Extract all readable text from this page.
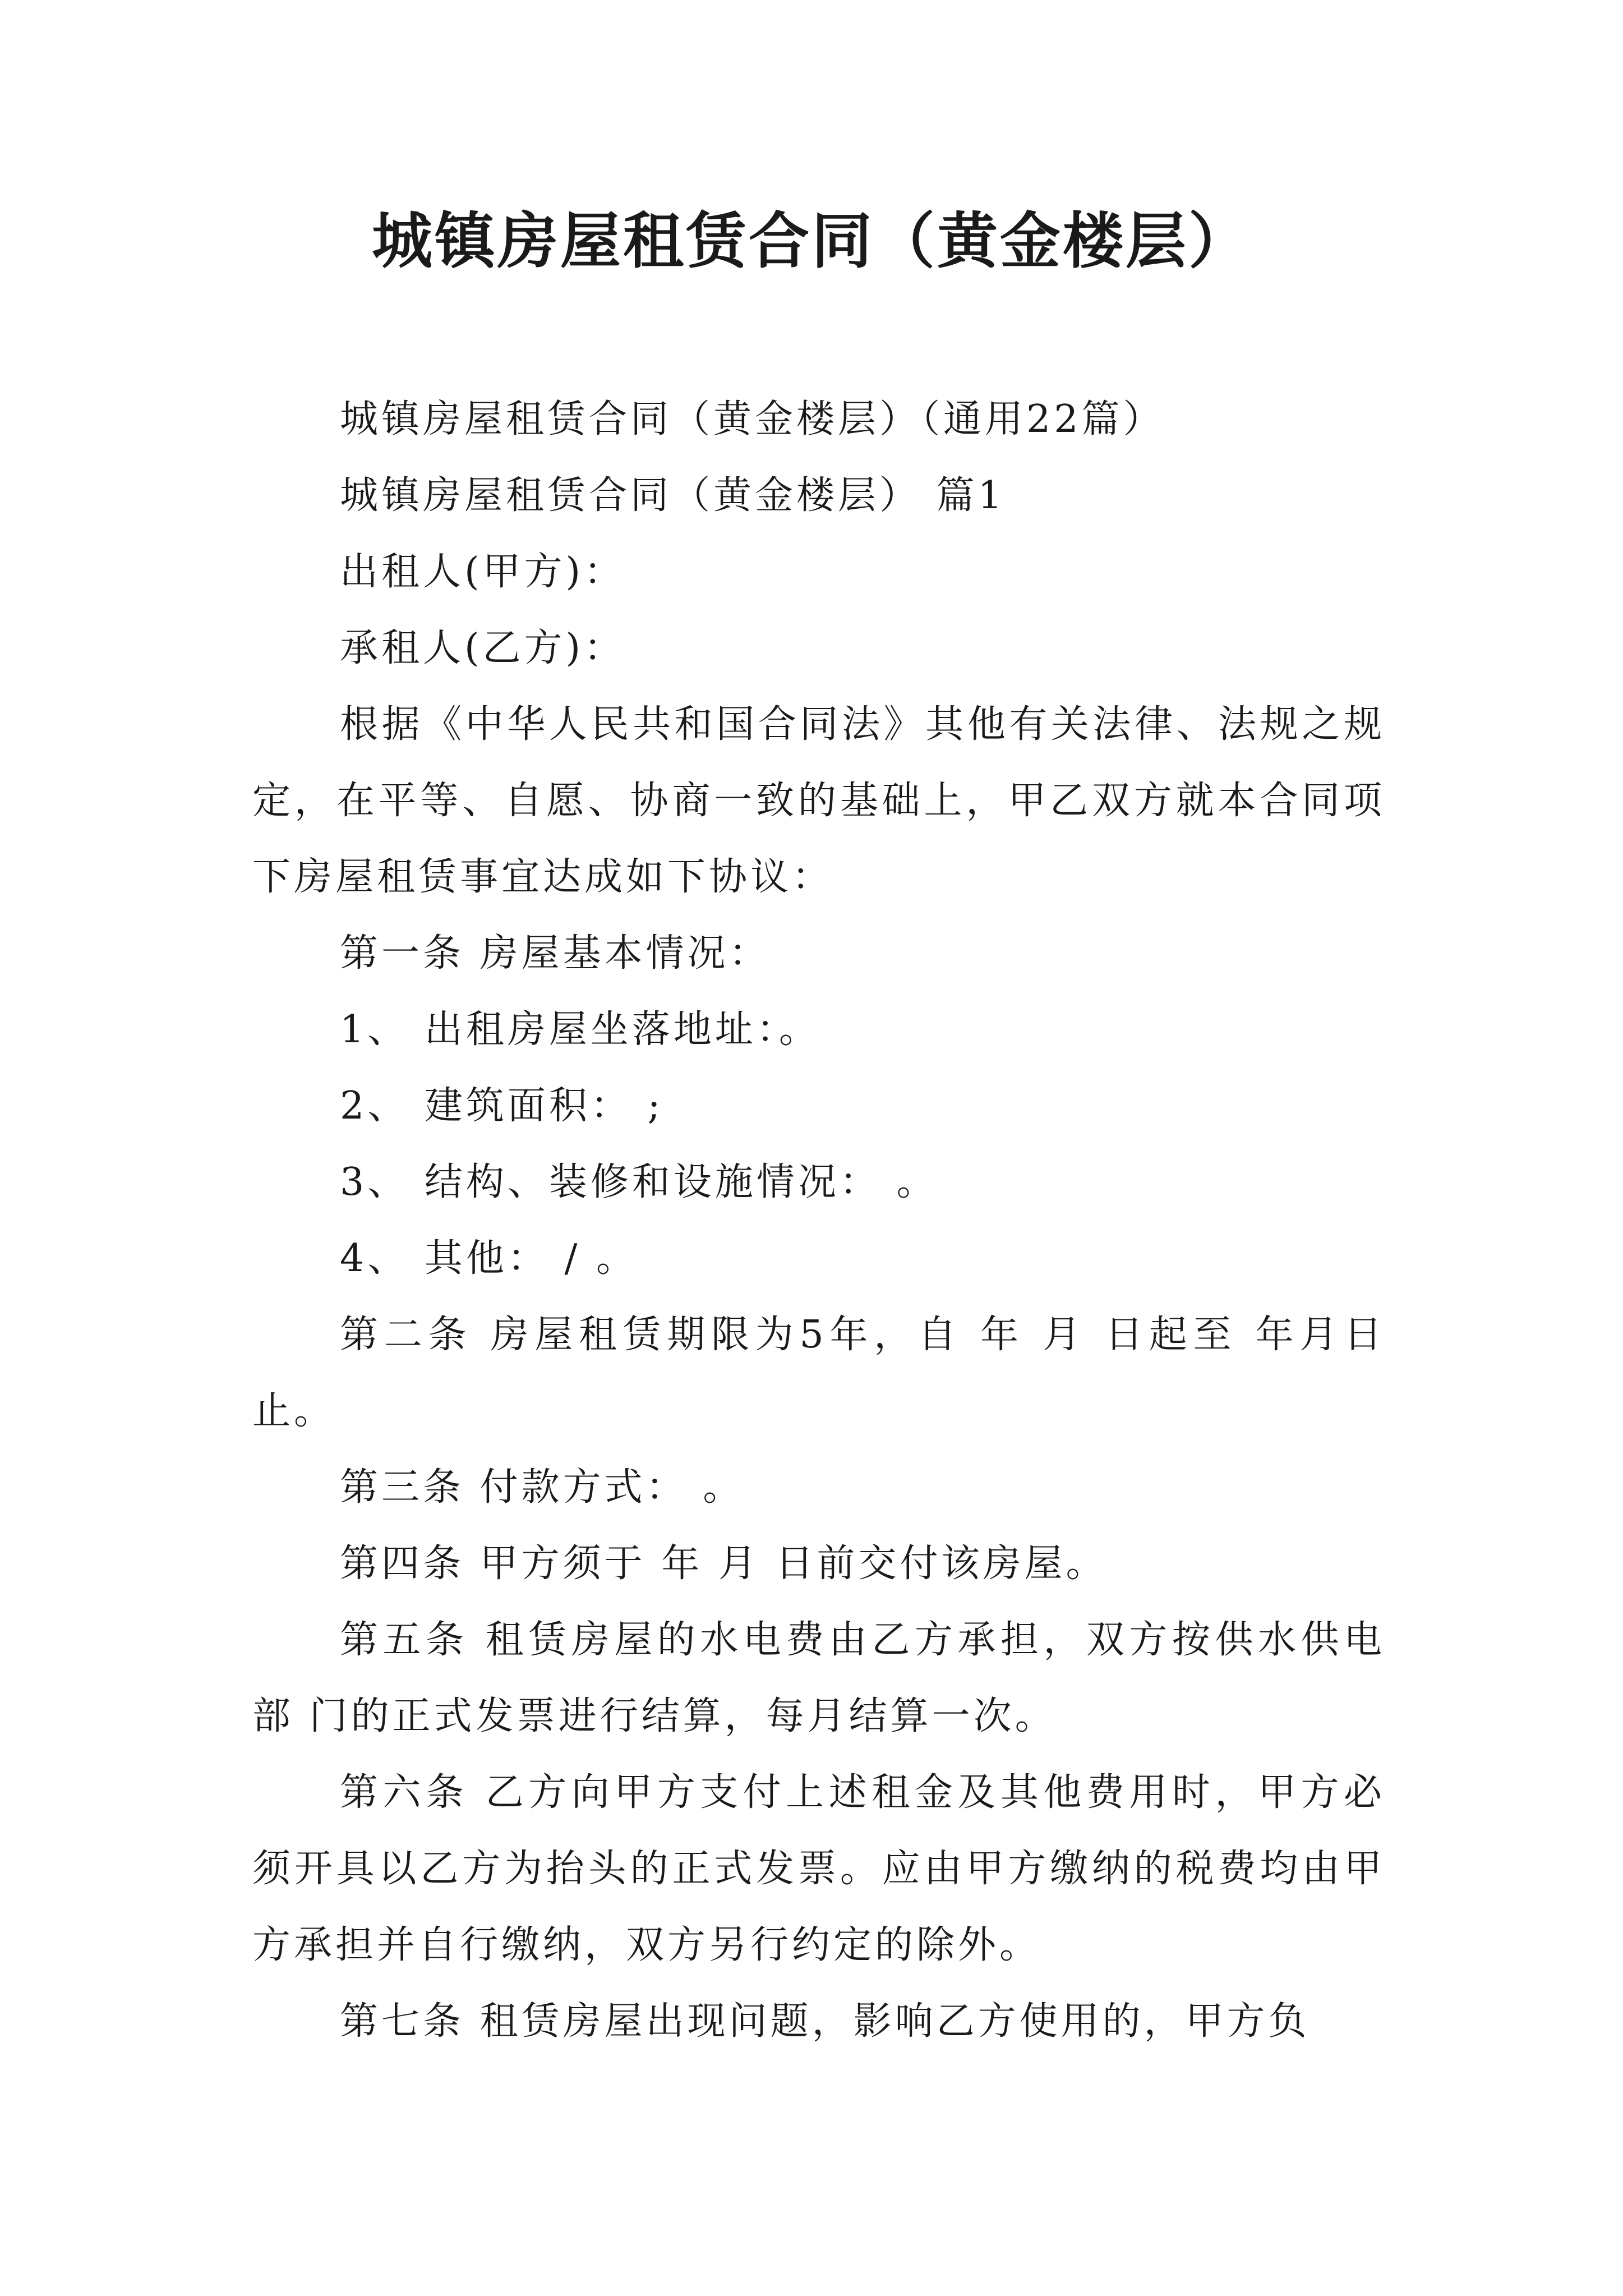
城镇房屋租赁合同（黄金楼层）

城镇房屋租赁合同（黄金楼层）（通用22篇）

城镇房屋租赁合同（黄金楼层） 篇1

出租人(甲方)：

承租人(乙方)：

根据《中华人民共和国合同法》其他有关法律、法规之规定，在平等、自愿、协商一致的基础上，甲乙双方就本合同项下房屋租赁事宜达成如下协议：

第一条 房屋基本情况：

1、 出租房屋坐落地址：。

2、 建筑面积： ;

3、 结构、装修和设施情况： 。

4、 其他： / 。

第二条 房屋租赁期限为5年，自 年 月 日起至 年月日止。

第三条 付款方式： 。

第四条 甲方须于 年 月 日前交付该房屋。

第五条 租赁房屋的水电费由乙方承担，双方按供水供电部 门的正式发票进行结算，每月结算一次。

第六条 乙方向甲方支付上述租金及其他费用时，甲方必须开具以乙方为抬头的正式发票。应由甲方缴纳的税费均由甲方承担并自行缴纳，双方另行约定的除外。

第七条 租赁房屋出现问题，影响乙方使用的，甲方负
